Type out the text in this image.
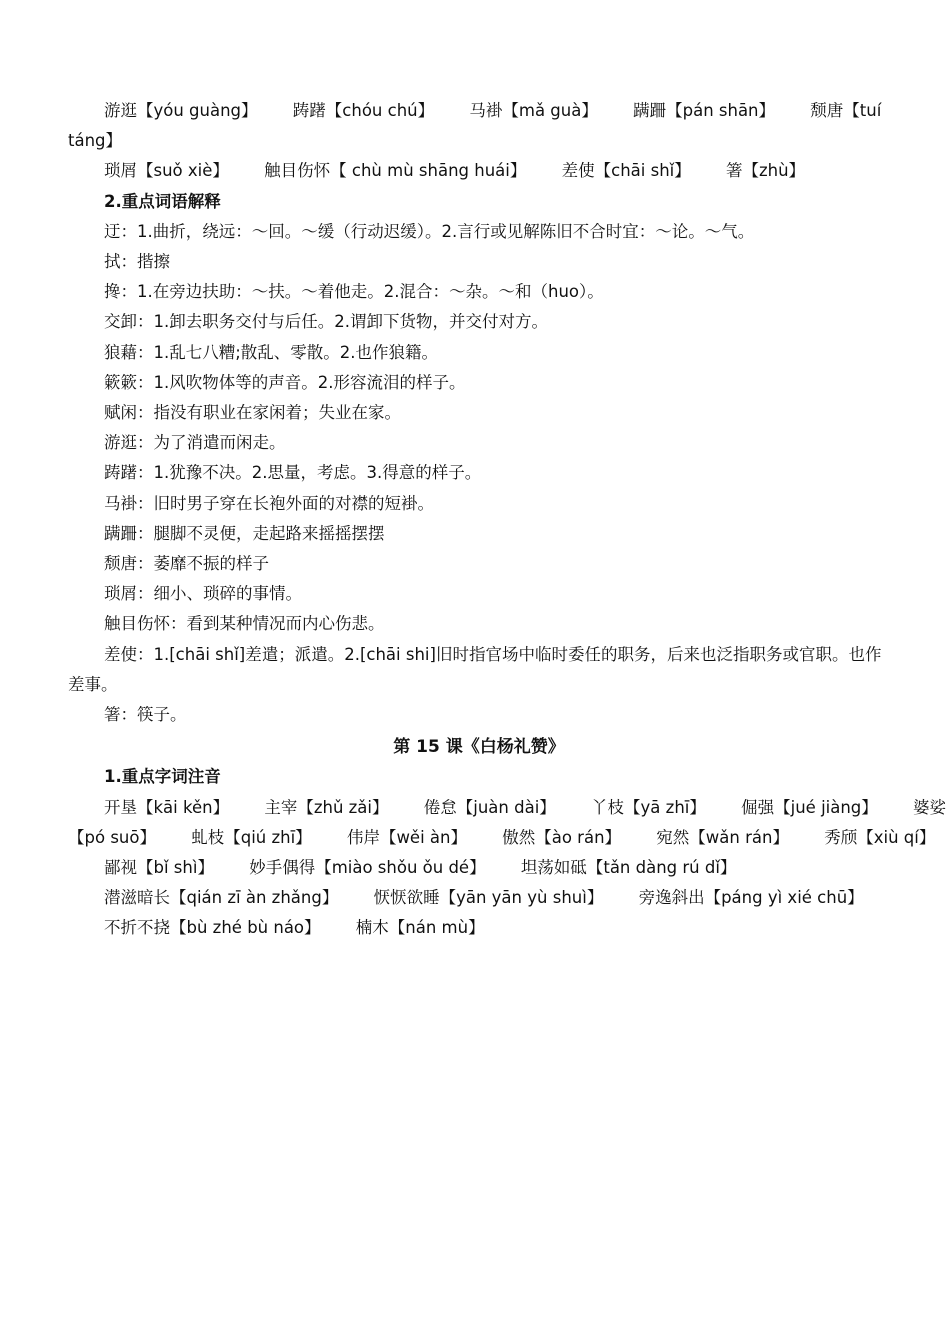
游逛【yóu guàng】 踌躇【chóu chú】 马褂【mǎ guà】 蹒跚【pán shān】 颓唐【tuí
táng】
琐屑【suǒ xiè】 触目伤怀【 chù mù shāng huái】 差使【chāi shǐ】 箸【zhù】
2.重点词语解释
迂：1.曲折，绕远：～回。～缓（行动迟缓）。2.言行或见解陈旧不合时宜：～论。～气。
拭：揩擦
搀：1.在旁边扶助：～扶。～着他走。2.混合：～杂。～和（huo）。
交卸：1.卸去职务交付与后任。2.谓卸下货物，并交付对方。
狼藉：1.乱七八糟;散乱、零散。2.也作狼籍。
簌簌：1.风吹物体等的声音。2.形容流泪的样子。
赋闲：指没有职业在家闲着；失业在家。
游逛：为了消遣而闲走。
踌躇：1.犹豫不决。2.思量，考虑。3.得意的样子。
马褂：旧时男子穿在长袍外面的对襟的短褂。
蹒跚：腿脚不灵便，走起路来摇摇摆摆
颓唐：萎靡不振的样子
琐屑：细小、琐碎的事情。
触目伤怀：看到某种情况而内心伤悲。
差使：1.[chāi shǐ]差遣；派遣。2.[chāi shi]旧时指官场中临时委任的职务，后来也泛指职务或官职。也作差事。
箸：筷子。
第 15 课《白杨礼赞》
1.重点字词注音
开垦【kāi kěn】 主宰【zhǔ zǎi】 倦怠【juàn dài】 丫枝【yā zhī】 倔强【jué jiàng】 婆娑
【pó suō】 虬枝【qiú zhī】 伟岸【wěi àn】 傲然【ào rán】 宛然【wǎn rán】 秀颀【xiù qí】
鄙视【bǐ shì】 妙手偶得【miào shǒu ǒu dé】 坦荡如砥【tǎn dàng rú dǐ】
潜滋暗长【qián zī àn zhǎng】 恹恹欲睡【yān yān yù shuì】 旁逸斜出【páng yì xié chū】
不折不挠【bù zhé bù náo】 楠木【nán mù】
